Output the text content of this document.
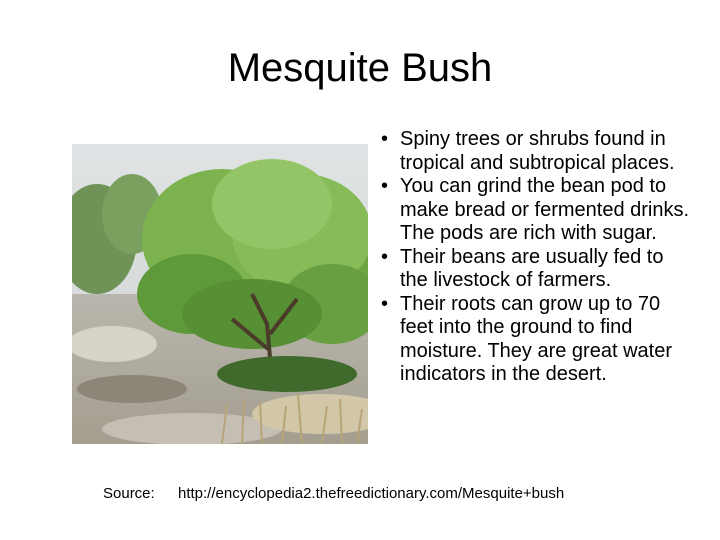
Mesquite Bush
• Spiny trees or shrubs found in tropical and subtropical places.
• You can grind the bean pod to make bread or fermented drinks. The pods are rich with sugar.
• Their beans are usually fed to the livestock of farmers.
• Their roots can grow up to 70 feet into the ground to find moisture. They are great water indicators in the desert.
Source: http://encyclopedia2.thefreedictionary.com/Mesquite+bush
